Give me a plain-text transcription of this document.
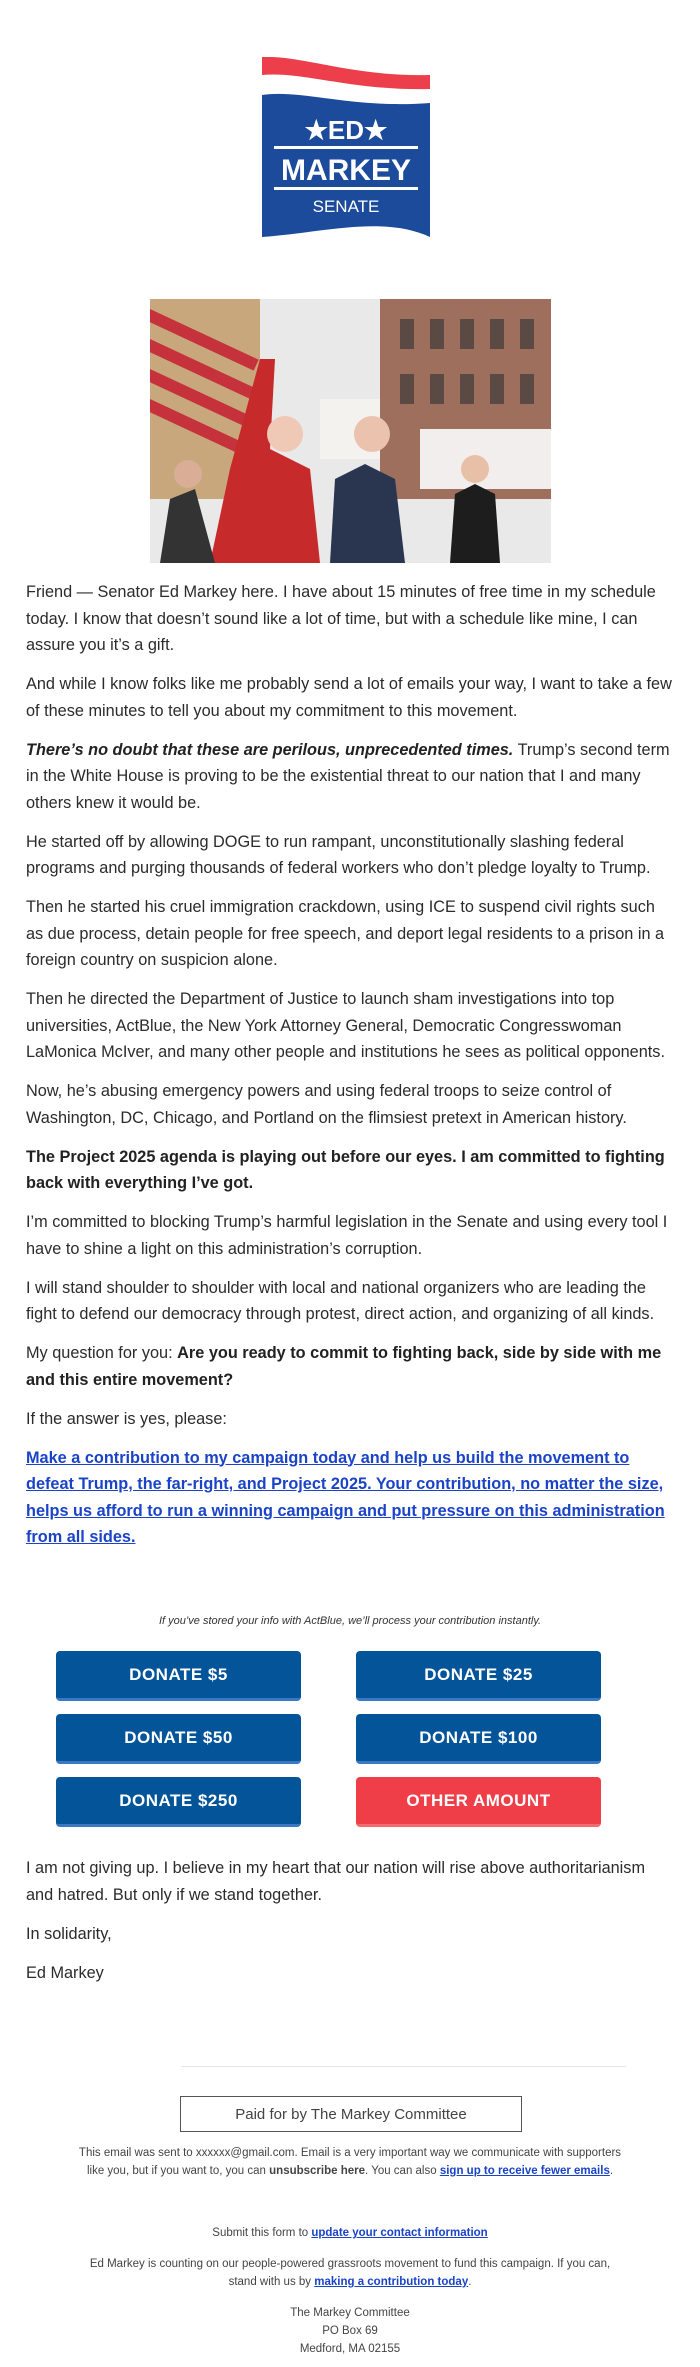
★ED★
MARKEY
SENATE

Friend — Senator Ed Markey here. I have about 15 minutes of free time in my schedule today. I know that doesn’t sound like a lot of time, but with a schedule like mine, I can assure you it’s a gift.

And while I know folks like me probably send a lot of emails your way, I want to take a few of these minutes to tell you about my commitment to this movement.

There’s no doubt that these are perilous, unprecedented times. Trump’s second term in the White House is proving to be the existential threat to our nation that I and many others knew it would be.

He started off by allowing DOGE to run rampant, unconstitutionally slashing federal programs and purging thousands of federal workers who don’t pledge loyalty to Trump.

Then he started his cruel immigration crackdown, using ICE to suspend civil rights such as due process, detain people for free speech, and deport legal residents to a prison in a foreign country on suspicion alone.

Then he directed the Department of Justice to launch sham investigations into top universities, ActBlue, the New York Attorney General, Democratic Congresswoman LaMonica McIver, and many other people and institutions he sees as political opponents.

Now, he’s abusing emergency powers and using federal troops to seize control of Washington, DC, Chicago, and Portland on the flimsiest pretext in American history.

The Project 2025 agenda is playing out before our eyes. I am committed to fighting back with everything I’ve got.

I’m committed to blocking Trump’s harmful legislation in the Senate and using every tool I have to shine a light on this administration’s corruption.

I will stand shoulder to shoulder with local and national organizers who are leading the fight to defend our democracy through protest, direct action, and organizing of all kinds.

My question for you: Are you ready to commit to fighting back, side by side with me and this entire movement?

If the answer is yes, please:

Make a contribution to my campaign today and help us build the movement to defeat Trump, the far-right, and Project 2025. Your contribution, no matter the size, helps us afford to run a winning campaign and put pressure on this administration from all sides.

If you’ve stored your info with ActBlue, we’ll process your contribution instantly.
DONATE $5	DONATE $25
DONATE $50	DONATE $100
DONATE $250	OTHER AMOUNT

I am not giving up. I believe in my heart that our nation will rise above authoritarianism and hatred. But only if we stand together.

In solidarity,

Ed Markey

Paid for by The Markey Committee
This email was sent to xxxxxx@gmail.com. Email is a very important way we communicate with supporters like you, but if you want to, you can unsubscribe here. You can also sign up to receive fewer emails.
Submit this form to update your contact information
Ed Markey is counting on our people-powered grassroots movement to fund this campaign. If you can, stand with us by making a contribution today.
The Markey Committee
PO Box 69
Medford, MA 02155
